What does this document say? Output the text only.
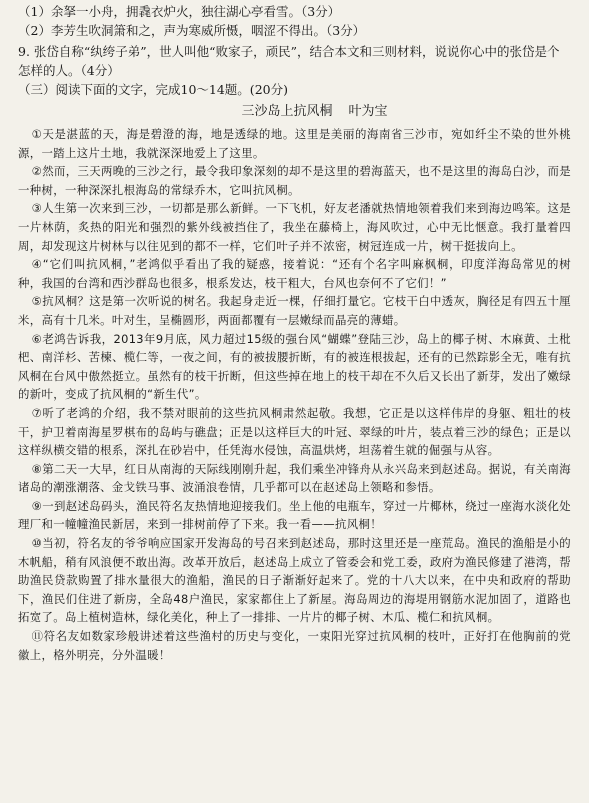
（1）余拏一小舟，拥毳衣炉火，独往湖心亭看雪。（3分）
（2）李芳生吹洞箫和之，声为寒威所慑，咽涩不得出。（3分）
9. 张岱自称“纨绔子弟”，世人叫他“败家子，顽民”，结合本文和三则材料，说说你心中的张岱是个怎样的人。（4分）
（三）阅读下面的文字，完成10～14题。(20分)
三沙岛上抗风桐 叶为宝

①天是湛蓝的天，海是碧澄的海，地是透绿的地。这里是美丽的海南省三沙市，宛如纤尘不染的世外桃源，一踏上这片土地，我就深深地爱上了这里。

②然而，三天两晚的三沙之行，最令我印象深刻的却不是这里的碧海蓝天，也不是这里的海岛白沙，而是一种树，一种深深扎根海岛的常绿乔木，它叫抗风桐。

③人生第一次来到三沙，一切都是那么新鲜。一下飞机，好友老潘就热情地领着我们来到海边鸣笨。这是一片林荫，炙热的阳光和强烈的紫外线被挡住了，我坐在藤椅上，海风吹过，心中无比惬意。我打量着四周，却发现这片树林与以往见到的都不一样，它们叶子并不浓密，树冠连成一片，树干挺拔向上。

④“它们叫抗风桐，”老鸿似乎看出了我的疑惑，接着说：“还有个名字叫麻枫桐，印度洋海岛常见的树种，我国的台湾和西沙群岛也很多，根系发达，枝干粗大，台风也奈何不了它们！”

⑤抗风桐？这是第一次听说的树名。我起身走近一棵，仔细打量它。它枝干白中透灰，胸径足有四五十厘米，高有十几米。叶对生，呈椭圆形，两面都覆有一层嫩绿而晶亮的薄蜡。

⑥老鸿告诉我，2013年9月底，风力超过15级的强台风“蝴蝶”登陆三沙，岛上的椰子树、木麻黄、土枇杷、南洋杉、苦楝、榄仁等，一夜之间，有的被拔腰折断，有的被连根拔起，还有的已然踪影全无，唯有抗风桐在台风中傲然挺立。虽然有的枝干折断，但这些掉在地上的枝干却在不久后又长出了新芽，发出了嫩绿的新叶，变成了抗风桐的“新生代”。

⑦听了老鸿的介绍，我不禁对眼前的这些抗风桐肃然起敬。我想，它正是以这样伟岸的身躯、粗壮的枝干，护卫着南海星罗棋布的岛屿与礁盘；正是以这样巨大的叶冠、翠绿的叶片，装点着三沙的绿色；正是以这样纵横交错的根系，深扎在砂岩中，任凭海水侵蚀，高温烘烤，坦荡着生就的倔强与从容。

⑧第二天一大早，红日从南海的天际线刚刚升起，我们乘坐冲锋舟从永兴岛来到赵述岛。据说，有关南海诸岛的潮涨潮落、金戈铁马事、波涌浪卷情，几乎都可以在赵述岛上领略和参悟。

⑨一到赵述岛码头，渔民符名友热情地迎接我们。坐上他的电瓶车，穿过一片椰林，绕过一座海水淡化处理厂和一幢幢渔民新居，来到一排树前停了下来。我一看——抗风桐！

⑩当初，符名友的爷爷响应国家开发海岛的号召来到赵述岛，那时这里还是一座荒岛。渔民的渔船是小的木帆船，稍有风浪便不敢出海。改革开放后，赵述岛上成立了管委会和党工委，政府为渔民修建了港湾，帮助渔民贷款购置了排水量很大的渔船，渔民的日子渐渐好起来了。党的十八大以来，在中央和政府的帮助下，渔民们住进了新房，全岛48户渔民，家家都住上了新屋。海岛周边的海堤用钢筋水泥加固了，道路也拓宽了。岛上植树造林，绿化美化，种上了一排排、一片片的椰子树、木瓜、榄仁和抗风桐。

⑪符名友如数家珍般讲述着这些渔村的历史与变化，一束阳光穿过抗风桐的枝叶，正好打在他胸前的党徽上，格外明亮，分外温暖！
